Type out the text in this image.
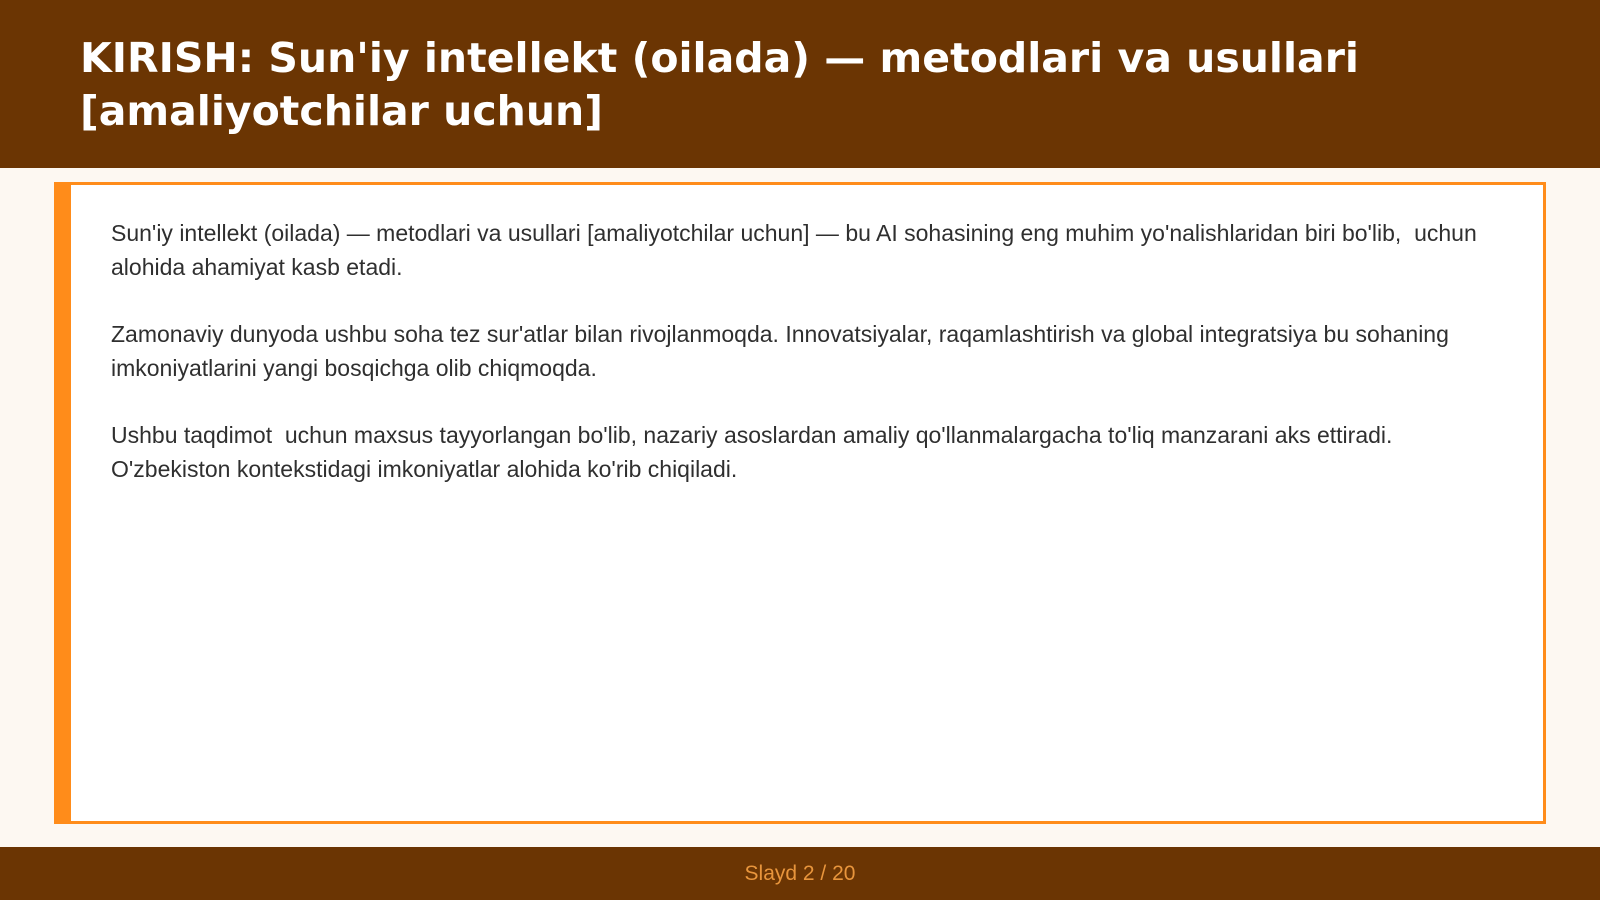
KIRISH: Sun'iy intellekt (oilada) — metodlari va usullari [amaliyotchilar uchun]

Sun'iy intellekt (oilada) — metodlari va usullari [amaliyotchilar uchun] — bu AI sohasining eng muhim yo'nalishlaridan biri bo'lib,  uchun alohida ahamiyat kasb etadi.

Zamonaviy dunyoda ushbu soha tez sur'atlar bilan rivojlanmoqda. Innovatsiyalar, raqamlashtirish va global integratsiya bu sohaning imkoniyatlarini yangi bosqichga olib chiqmoqda.

Ushbu taqdimot  uchun maxsus tayyorlangan bo'lib, nazariy asoslardan amaliy qo'llanmalargacha to'liq manzarani aks ettiradi. O'zbekiston kontekstidagi imkoniyatlar alohida ko'rib chiqiladi.

Slayd 2 / 20
